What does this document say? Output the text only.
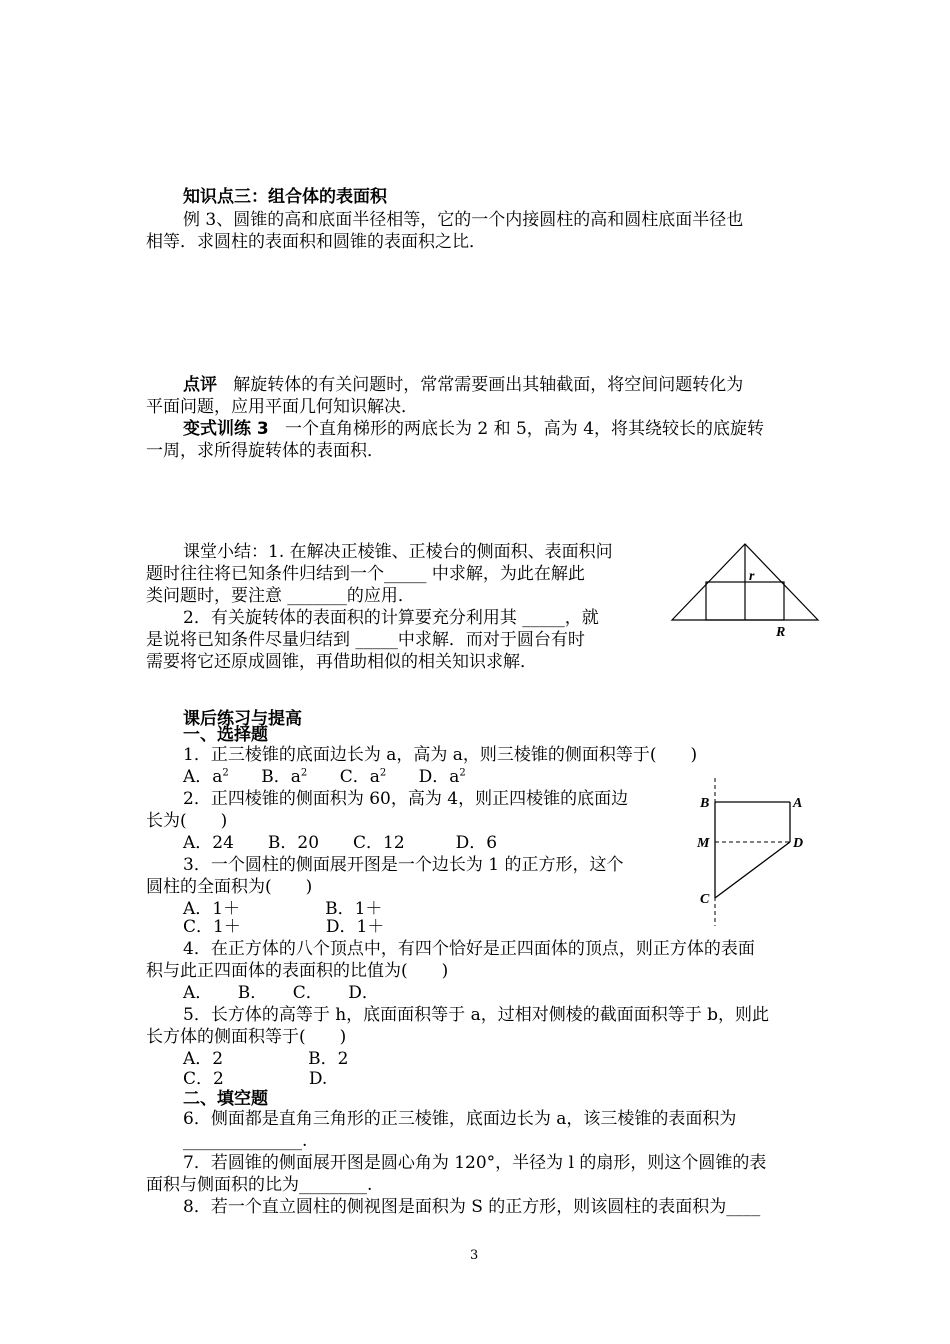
知识点三：组合体的表面积
例 3、圆锥的高和底面半径相等，它的一个内接圆柱的高和圆柱底面半径也
相等．求圆柱的表面积和圆锥的表面积之比．
点评 解旋转体的有关问题时，常常需要画出其轴截面，将空间问题转化为
平面问题，应用平面几何知识解决．
变式训练 3 一个直角梯形的两底长为 2 和 5，高为 4，将其绕较长的底旋转
一周，求所得旋转体的表面积．
课堂小结：1. 在解决正棱锥、正棱台的侧面积、表面积问
题时往往将已知条件归结到一个_____ 中求解，为此在解此
类问题时，要注意 _______的应用．
2．有关旋转体的表面积的计算要充分利用其 _____，就
是说将已知条件尽量归结到 _____中求解．而对于圆台有时
需要将它还原成圆锥，再借助相似的相关知识求解．
r
R
课后练习与提高
一、选择题
1．正三棱锥的底面边长为 a，高为 a，则三棱锥的侧面积等于(　　)
A．$a^2$ B．$a^2$ C．$a^2$ D．$a^2$
2．正四棱锥的侧面积为 60，高为 4，则正四棱锥的底面边
长为(　　)
A．24　　B．20　　C．12　　　D．6
3．一个圆柱的侧面展开图是一个边长为 1 的正方形，这个
圆柱的全面积为(　　)
A．1＋　　　　　B．1＋
C．1＋　　　　　D．1＋
4．在正方体的八个顶点中，有四个恰好是正四面体的顶点，则正方体的表面
积与此正四面体的表面积的比值为(　　)
A．　　B．　　C．　　D．
5．长方体的高等于 h，底面面积等于 a，过相对侧棱的截面面积等于 b，则此
长方体的侧面积等于(　　)
A．2　　　　　B．2
C．2　　　　　D.
二、填空题
6．侧面都是直角三角形的正三棱锥，底面边长为 a，该三棱锥的表面积为
______________.
7．若圆锥的侧面展开图是圆心角为 120°，半径为 l 的扇形，则这个圆锥的表
面积与侧面积的比为________.
8．若一个直立圆柱的侧视图是面积为 S 的正方形，则该圆柱的表面积为____
B	A
M	D
C
3
